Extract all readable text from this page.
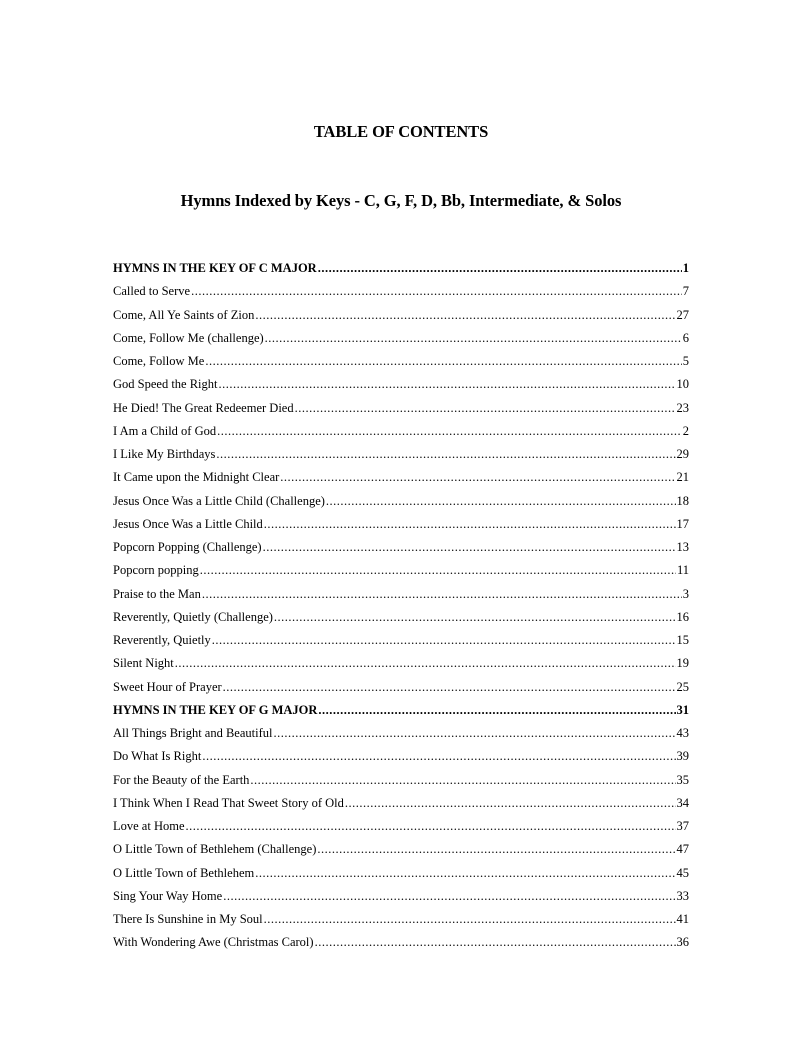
TABLE OF CONTENTS
Hymns Indexed by Keys - C, G, F, D, Bb, Intermediate, & Solos
HYMNS IN THE KEY OF C MAJOR .....	1
Called to Serve .....	7
Come, All Ye Saints of Zion .....	27
Come, Follow Me (challenge) .....	6
Come, Follow Me .....	5
God Speed the Right .....	10
He Died! The Great Redeemer Died .....	23
I Am a Child of God .....	2
I Like My Birthdays .....	29
It Came upon the Midnight Clear .....	21
Jesus Once Was a Little Child (Challenge) .....	18
Jesus Once Was a Little Child .....	17
Popcorn Popping (Challenge) .....	13
Popcorn popping .....	11
Praise to the Man .....	3
Reverently, Quietly (Challenge) .....	16
Reverently, Quietly .....	15
Silent Night .....	19
Sweet Hour of Prayer .....	25
HYMNS IN THE KEY OF G MAJOR .....	31
All Things Bright and Beautiful .....	43
Do What Is Right .....	39
For the Beauty of the Earth .....	35
I Think When I Read That Sweet Story of Old .....	34
Love at Home .....	37
O Little Town of Bethlehem (Challenge) .....	47
O Little Town of Bethlehem .....	45
Sing Your Way Home .....	33
There Is Sunshine in My Soul .....	41
With Wondering Awe (Christmas Carol) .....	36
